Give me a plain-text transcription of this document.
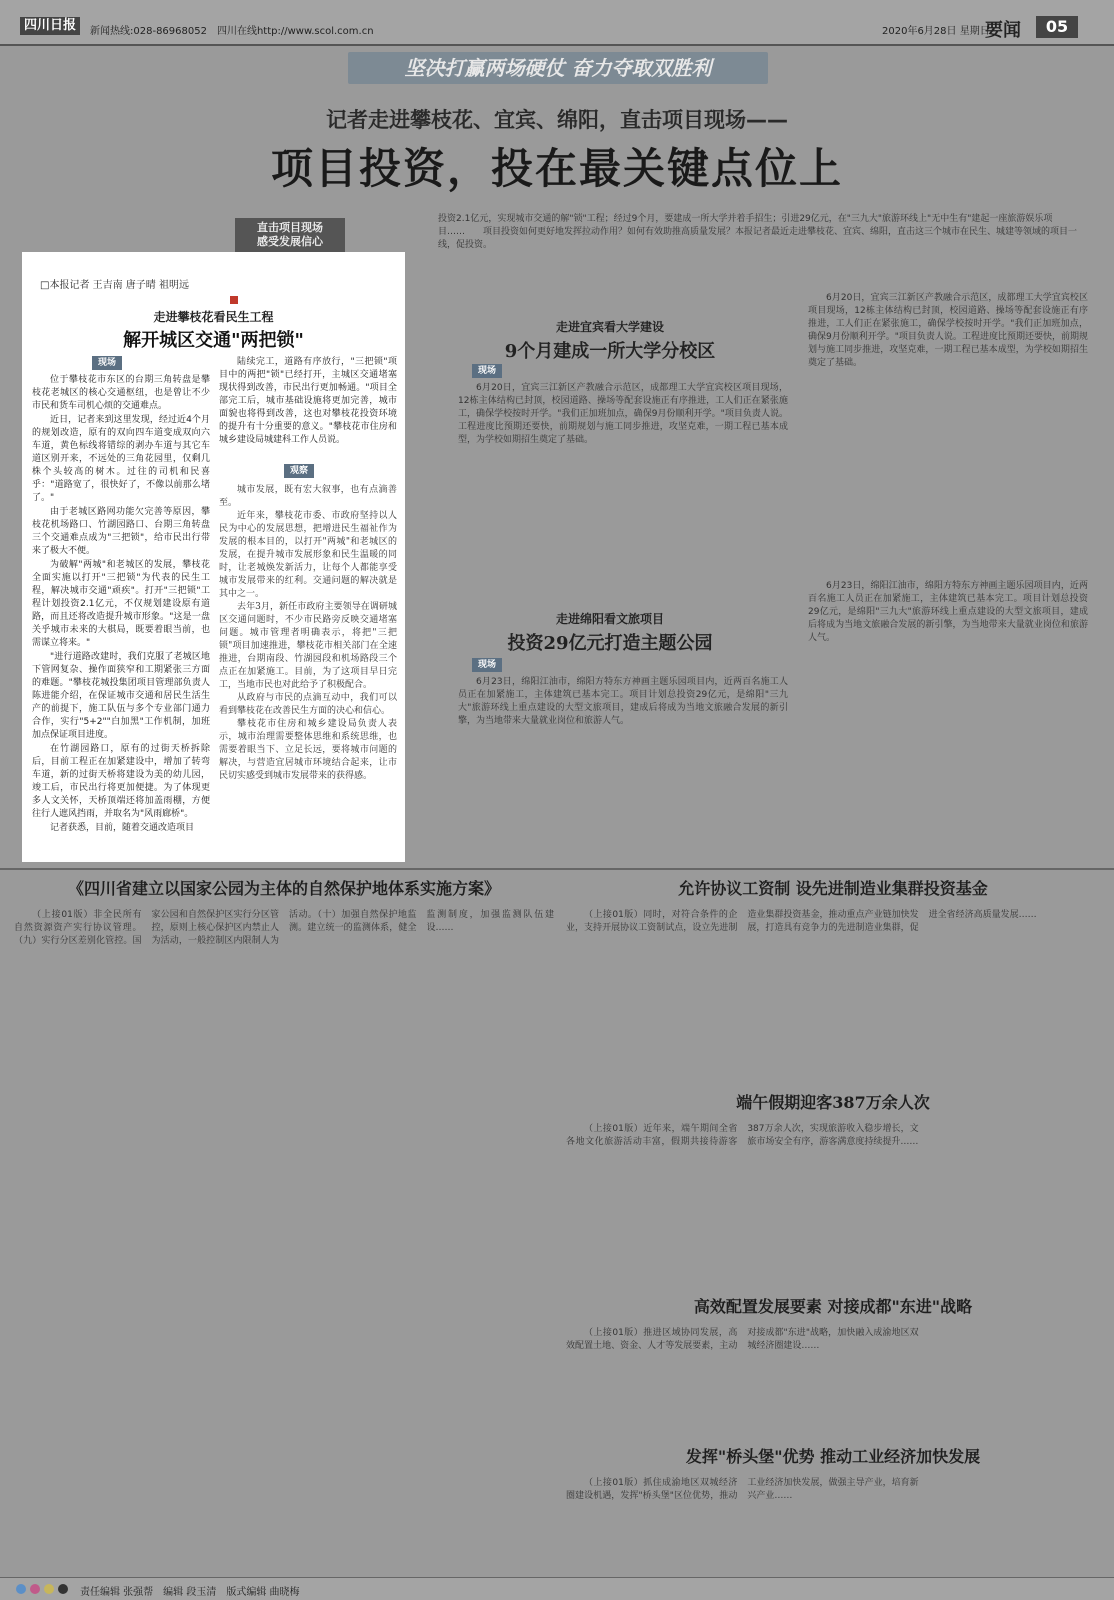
四川日报	新闻热线:028-86968052　四川在线http://www.scol.com.cn	2020年6月28日 星期日
要闻	05
坚决打赢两场硬仗 奋力夺取双胜利
记者走进攀枝花、宜宾、绵阳，直击项目现场——
项目投资，投在最关键点位上
直击项目现场
感受发展信心
投资2.1亿元，实现城市交通的解"锁"工程；经过9个月，要建成一所大学并着手招生；引进29亿元，在"三九大"旅游环线上"无中生有"建起一座旅游娱乐项目……　　项目投资如何更好地发挥拉动作用？如何有效助推高质量发展？本报记者最近走进攀枝花、宜宾、绵阳，直击这三个城市在民生、城建等领域的项目一线，促投资。
□本报记者 王吉南 唐子晴 祖明远
走进攀枝花看民生工程
解开城区交通"两把锁"
现场

位于攀枝花市东区的台期三角转盘是攀枝花老城区的核心交通枢纽，也是曾让不少市民和货车司机心烦的交通难点。

近日，记者来到这里发现，经过近4个月的规划改造，原有的双向四车道变成双向六车道，黄色标线将错综的剥办车道与其它车道区别开来，不远处的三角花园里，仅剩几株个头较高的树木。过往的司机和民喜乎："道路宽了，很快好了，不像以前那么堵了。"

由于老城区路网功能欠完善等原因，攀枝花机场路口、竹湖园路口、台期三角转盘三个交通难点成为"三把锁"，给市民出行带来了极大不便。

为破解"两城"和老城区的发展，攀枝花全面实施以打开"三把锁"为代表的民生工程，解决城市交通"顽疾"。打开"三把锁"工程计划投资2.1亿元，不仅规划建设原有道路，而且还将改造提升城市形象。"这是一盘关乎城市未来的大棋局，既要着眼当前，也需谋立将来。"

"进行道路改建时，我们克服了老城区地下管网复杂、操作面狭窄和工期紧张三方面的难题。"攀枝花城投集团项目管理部负责人陈进能介绍，在保证城市交通和居民生活生产的前提下，施工队伍与多个专业部门通力合作，实行"5+2""白加黑"工作机制，加班加点保证项目进度。

在竹湖园路口，原有的过街天桥拆除后，目前工程正在加紧建设中，增加了转弯车道，新的过街天桥将建设为美的幼儿园，竣工后，市民出行将更加便捷。为了体现更多人文关怀，天桥顶端还将加盖雨棚，方便往行人遮风挡雨，并取名为"风雨廊桥"。

记者获悉，目前，随着交通改造项目

陆续完工，道路有序放行，"三把锁"项目中的两把"锁"已经打开，主城区交通堵塞现状得到改善，市民出行更加畅通。"项目全部完工后，城市基础设施将更加完善，城市面貌也将得到改善，这也对攀枝花投资环境的提升有十分重要的意义。"攀枝花市住房和城乡建设局城建科工作人员说。

观察

城市发展，既有宏大叙事，也有点滴善至。

近年来，攀枝花市委、市政府坚持以人民为中心的发展思想，把增进民生福祉作为发展的根本目的，以打开"两城"和老城区的发展，在提升城市发展形象和民生温暖的同时，让老城焕发新活力，让每个人都能享受城市发展带来的红利。交通问题的解决就是其中之一。

去年3月，新任市政府主要领导在调研城区交通问题时，不少市民路旁反映交通堵塞问题。城市管理者明确表示，将把"三把锁"项目加速推进，攀枝花市相关部门在全速推进，台期南段、竹湖园段和机场路段三个点正在加紧施工。目前，为了这项目早日完工，当地市民也对此给予了积极配合。

从政府与市民的点滴互动中，我们可以看到攀枝花在改善民生方面的决心和信心。

攀枝花市住房和城乡建设局负责人表示，城市治理需要整体思维和系统思维，也需要着眼当下、立足长远，要将城市问题的解决，与营造宜居城市环境结合起来，让市民切实感受到城市发展带来的获得感。

走进宜宾看大学建设
9个月建成一所大学分校区
现场

6月20日，宜宾三江新区产教融合示范区，成都理工大学宜宾校区项目现场，12栋主体结构已封顶，校园道路、操场等配套设施正有序推进，工人们正在紧张施工，确保学校按时开学。"我们正加班加点，确保9月份顺利开学。"项目负责人说。工程进度比预期还要快，前期规划与施工同步推进，攻坚克难，一期工程已基本成型，为学校如期招生奠定了基础。

6月20日，宜宾三江新区产教融合示范区，成都理工大学宜宾校区项目现场，12栋主体结构已封顶，校园道路、操场等配套设施正有序推进，工人们正在紧张施工，确保学校按时开学。"我们正加班加点，确保9月份顺利开学。"项目负责人说。工程进度比预期还要快，前期规划与施工同步推进，攻坚克难，一期工程已基本成型，为学校如期招生奠定了基础。

走进绵阳看文旅项目
投资29亿元打造主题公园
现场

6月23日，绵阳江油市，绵阳方特东方神画主题乐园项目内，近两百名施工人员正在加紧施工，主体建筑已基本完工。项目计划总投资29亿元，是绵阳"三九大"旅游环线上重点建设的大型文旅项目，建成后将成为当地文旅融合发展的新引擎，为当地带来大量就业岗位和旅游人气。

6月23日，绵阳江油市，绵阳方特东方神画主题乐园项目内，近两百名施工人员正在加紧施工，主体建筑已基本完工。项目计划总投资29亿元，是绵阳"三九大"旅游环线上重点建设的大型文旅项目，建成后将成为当地文旅融合发展的新引擎，为当地带来大量就业岗位和旅游人气。

《四川省建立以国家公园为主体的自然保护地体系实施方案》

（上接01版）非全民所有自然资源资产实行协议管理。（九）实行分区差别化管控。国家公园和自然保护区实行分区管控，原则上核心保护区内禁止人为活动，一般控制区内限制人为活动。（十）加强自然保护地监测。建立统一的监测体系，健全监测制度，加强监测队伍建设……

允许协议工资制 设先进制造业集群投资基金

（上接01版）同时，对符合条件的企业，支持开展协议工资制试点，设立先进制造业集群投资基金，推动重点产业链加快发展，打造具有竞争力的先进制造业集群，促进全省经济高质量发展……

端午假期迎客387万余人次

（上接01版）近年来，端午期间全省各地文化旅游活动丰富，假期共接待游客387万余人次，实现旅游收入稳步增长，文旅市场安全有序，游客满意度持续提升……

高效配置发展要素 对接成都"东进"战略

（上接01版）推进区域协同发展，高效配置土地、资金、人才等发展要素，主动对接成都"东进"战略，加快融入成渝地区双城经济圈建设……

发挥"桥头堡"优势 推动工业经济加快发展

（上接01版）抓住成渝地区双城经济圈建设机遇，发挥"桥头堡"区位优势，推动工业经济加快发展，做强主导产业，培育新兴产业……

责任编辑 张强帮　编辑 段玉清　版式编辑 曲晓梅
